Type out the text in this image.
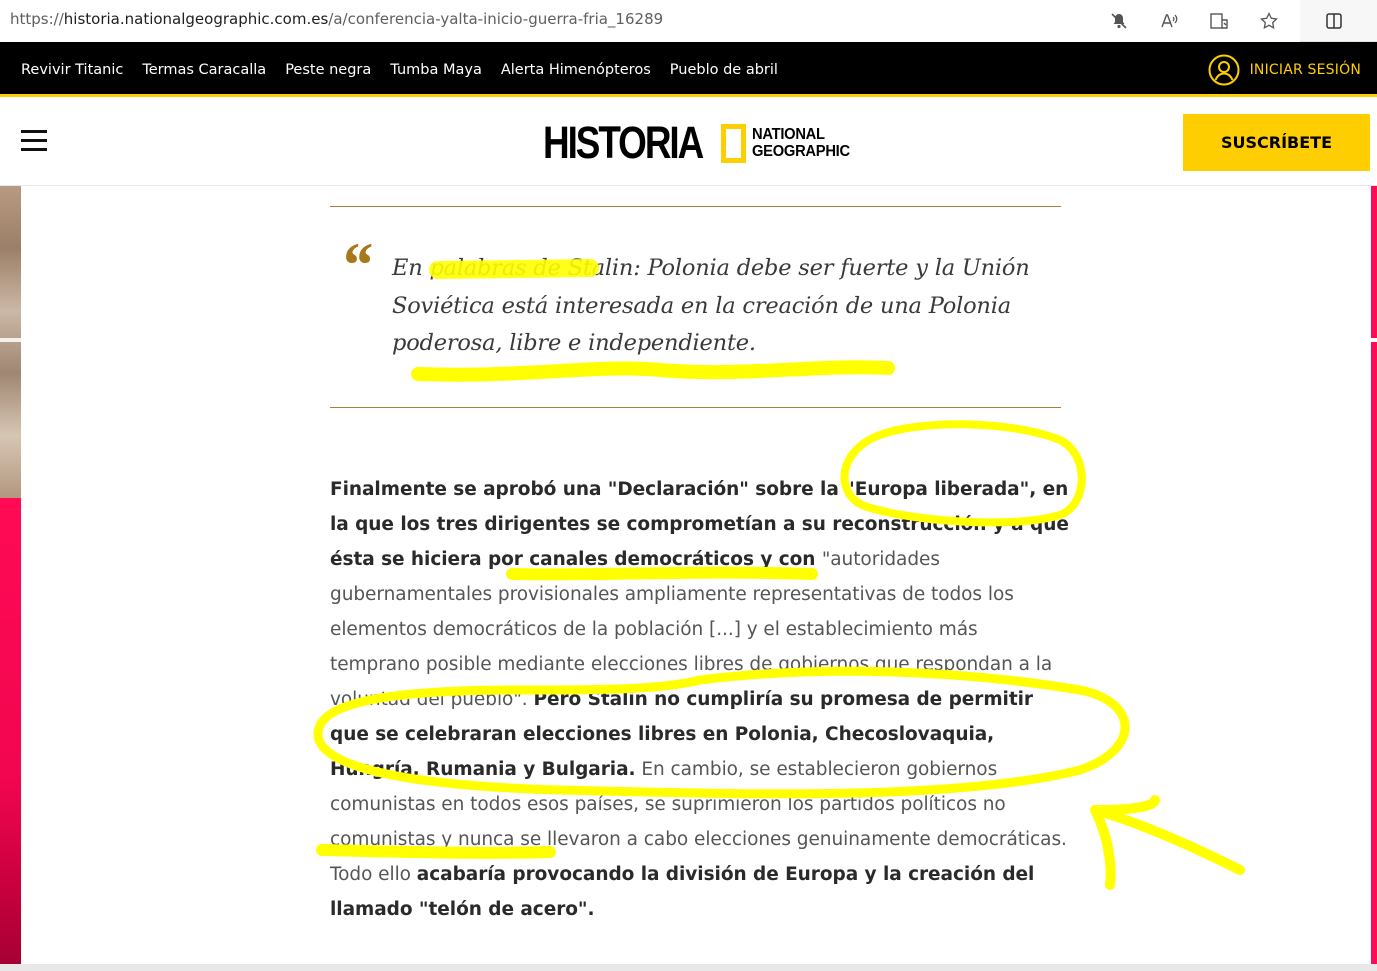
https://historia.nationalgeographic.com.es/a/conferencia-yalta-inicio-guerra-fria_16289
Revivir Titanic Termas Caracalla Peste negra Tumba Maya Alerta Himenópteros Pueblo de abril	INICIAR SESIÓN
HISTORIA	NATIONAL
GEOGRAPHIC	SUSCRÍBETE
“ En palabras de Stalin: Polonia debe ser fuerte y la Unión Soviética está interesada en la creación de una Polonia poderosa, libre e independiente.

Finalmente se aprobó una "Declaración" sobre la "Europa liberada", en la que los tres dirigentes se comprometían a su reconstrucción y a que ésta se hiciera por canales democráticos y con "autoridades gubernamentales provisionales ampliamente representativas de todos los elementos democráticos de la población [...] y el establecimiento más temprano posible mediante elecciones libres de gobiernos que respondan a la voluntad del pueblo". Pero Stalin no cumpliría su promesa de permitir que se celebraran elecciones libres en Polonia, Checoslovaquia, Hungría, Rumania y Bulgaria. En cambio, se establecieron gobiernos comunistas en todos esos países, se suprimieron los partidos políticos no comunistas y nunca se llevaron a cabo elecciones genuinamente democráticas. Todo ello acabaría provocando la división de Europa y la creación del llamado "telón de acero".
